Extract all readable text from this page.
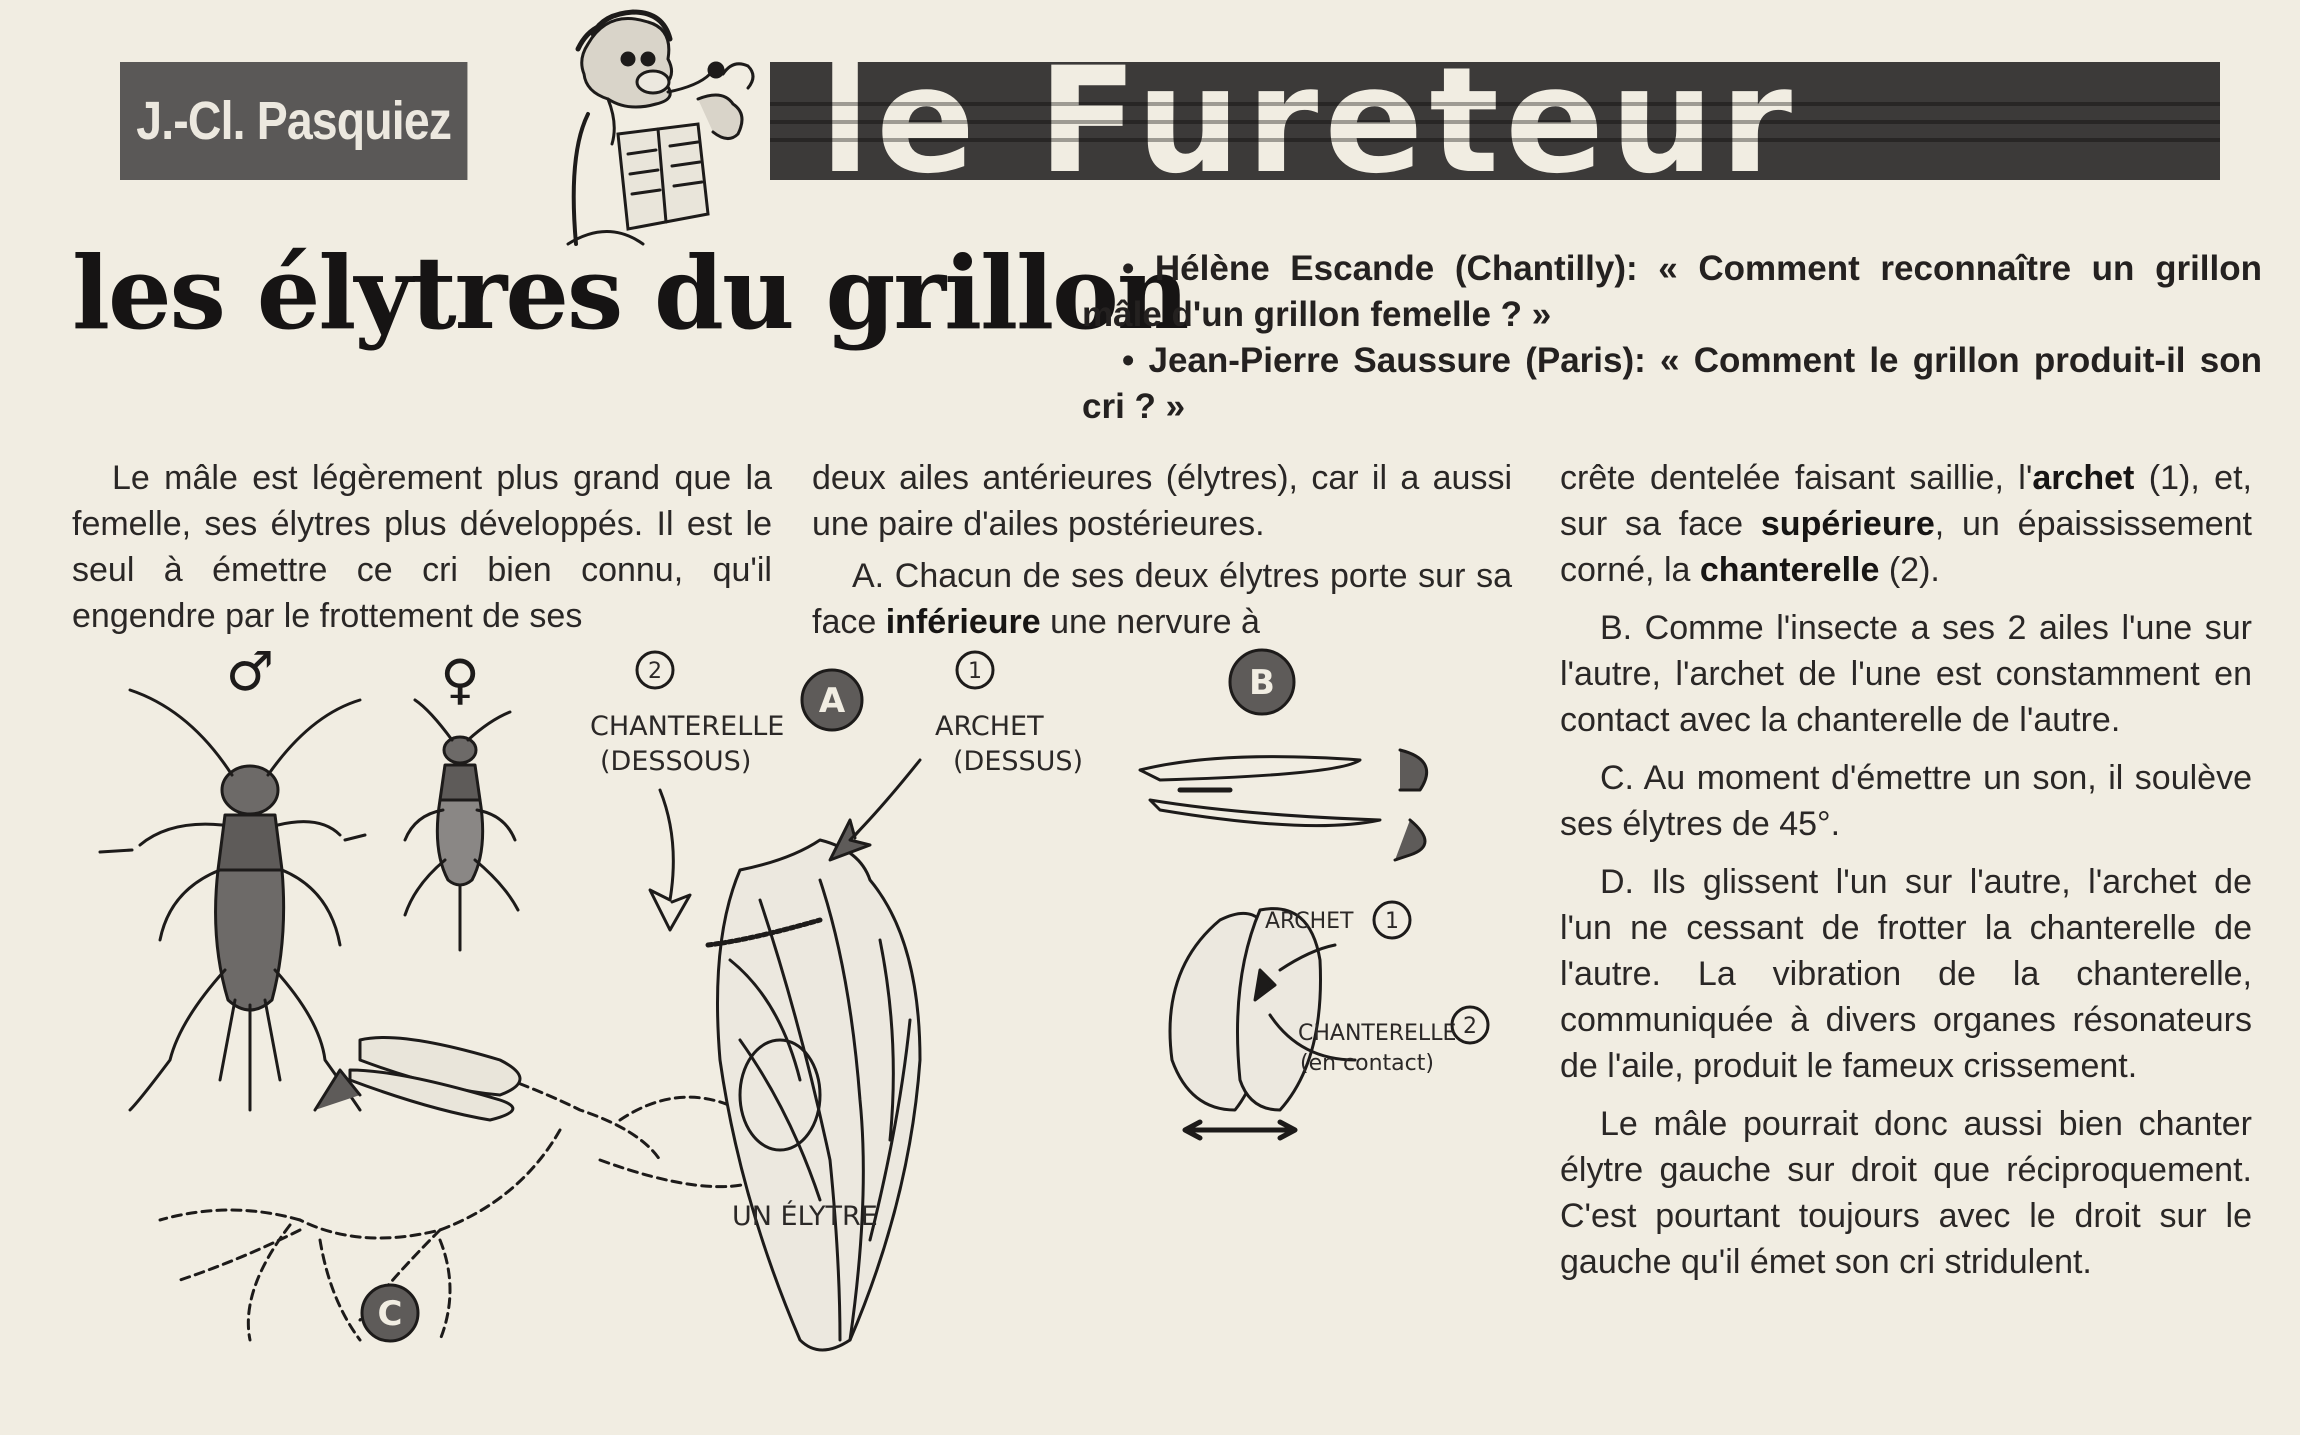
J.-Cl. Pasquiez	le Fureteur
les élytres du grillon

• Hélène Escande (Chantilly): « Comment reconnaître un grillon mâle d'un grillon femelle ? »

• Jean-Pierre Saussure (Paris): « Comment le grillon produit-il son cri ? »

Le mâle est légèrement plus grand que la femelle, ses élytres plus développés. Il est le seul à émettre ce cri bien connu, qu'il engendre par le frottement de ses

deux ailes antérieures (élytres), car il a aussi une paire d'ailes postérieures.

A. Chacun de ses deux élytres porte sur sa face inférieure une nervure à

crête dentelée faisant saillie, l'archet (1), et, sur sa face supérieure, un épaississement corné, la chanterelle (2).

B. Comme l'insecte a ses 2 ailes l'une sur l'autre, l'archet de l'une est constamment en contact avec la chanterelle de l'autre.

C. Au moment d'émettre un son, il soulève ses élytres de 45°.

D. Ils glissent l'un sur l'autre, l'archet de l'un ne cessant de frotter la chanterelle de l'autre. La vibration de la chanterelle, communiquée à divers organes résonateurs de l'aile, produit le fameux crissement.

Le mâle pourrait donc aussi bien chanter élytre gauche sur droit que réciproquement. C'est pourtant toujours avec le droit sur le gauche qu'il émet son cri stridulent.

♂	♀	A	B
C
2	1
CHANTERELLE
(DESSOUS)
ARCHET
(DESSUS)
UN ÉLYTRE
1
2
ARCHET
CHANTERELLE
(en contact)
